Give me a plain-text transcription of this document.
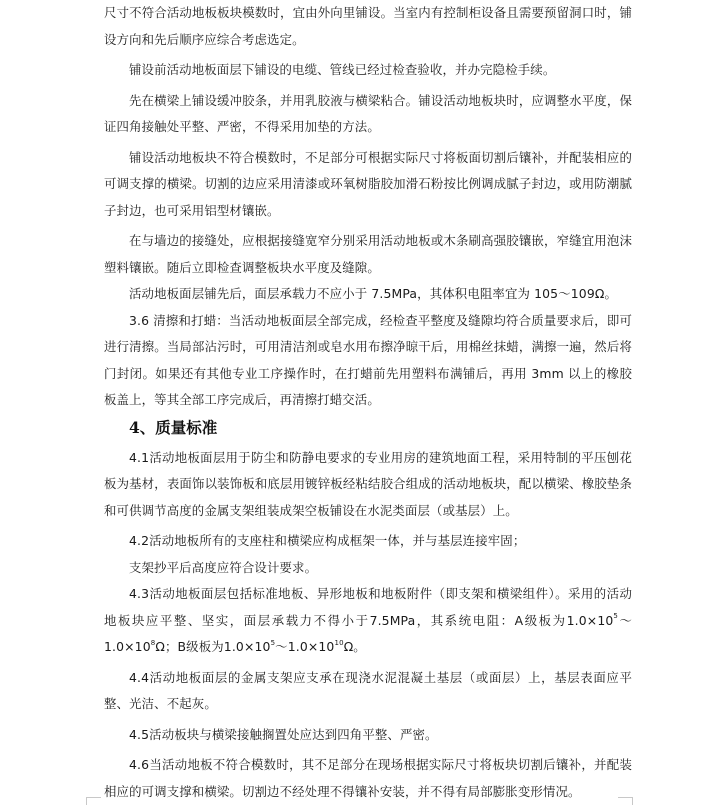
尺寸不符合活动地板板块模数时，宜由外向里铺设。当室内有控制柜设备且需要预留洞口时，铺设方向和先后顺序应综合考虑选定。

铺设前活动地板面层下铺设的电缆、管线已经过检查验收，并办完隐检手续。

先在横梁上铺设缓冲胶条，并用乳胶液与横梁粘合。铺设活动地板块时，应调整水平度，保证四角接触处平整、严密，不得采用加垫的方法。

铺设活动地板块不符合模数时，不足部分可根据实际尺寸将板面切割后镶补，并配装相应的可调支撑的横梁。切割的边应采用清漆或环氧树脂胶加滑石粉按比例调成腻子封边，或用防潮腻子封边，也可采用铝型材镶嵌。

在与墙边的接缝处，应根据接缝宽窄分别采用活动地板或木条刷高强胶镶嵌，窄缝宜用泡沫塑料镶嵌。随后立即检查调整板块水平度及缝隙。

活动地板面层铺先后，面层承载力不应小于 7.5MPa，其体积电阻率宜为 105～109Ω。

3.6 清擦和打蜡：当活动地板面层全部完成，经检查平整度及缝隙均符合质量要求后，即可进行清擦。当局部沾污时，可用清洁剂或皂水用布擦净晾干后，用棉丝抹蜡，满擦一遍，然后将门封闭。如果还有其他专业工序操作时，在打蜡前先用塑料布满铺后，再用 3mm 以上的橡胶板盖上，等其全部工序完成后，再清擦打蜡交活。

4、质量标准

4.1活动地板面层用于防尘和防静电要求的专业用房的建筑地面工程，采用特制的平压刨花板为基材，表面饰以装饰板和底层用镀锌板经粘结胶合组成的活动地板块，配以横梁、橡胶垫条和可供调节高度的金属支架组装成架空板铺设在水泥类面层（或基层）上。

4.2活动地板所有的支座柱和横梁应构成框架一体，并与基层连接牢固；

支架抄平后高度应符合设计要求。

4.3活动地板面层包括标准地板、异形地板和地板附件（即支架和横梁组件）。采用的活动地板块应平整、坚实，面层承载力不得小于7.5MPa，其系统电阻：A级板为$1.0\times 10^5\sim 1.0\times 10^8\Omega$；B级板为$1.0\times 10^5\sim 1.0\times 10^{10}\Omega$。

4.4活动地板面层的金属支架应支承在现浇水泥混凝土基层（或面层）上，基层表面应平整、光洁、不起灰。

4.5活动板块与横梁接触搁置处应达到四角平整、严密。

4.6当活动地板不符合模数时，其不足部分在现场根据实际尺寸将板块切割后镶补，并配装相应的可调支撑和横梁。切割边不经处理不得镶补安装，并不得有局部膨胀变形情况。
